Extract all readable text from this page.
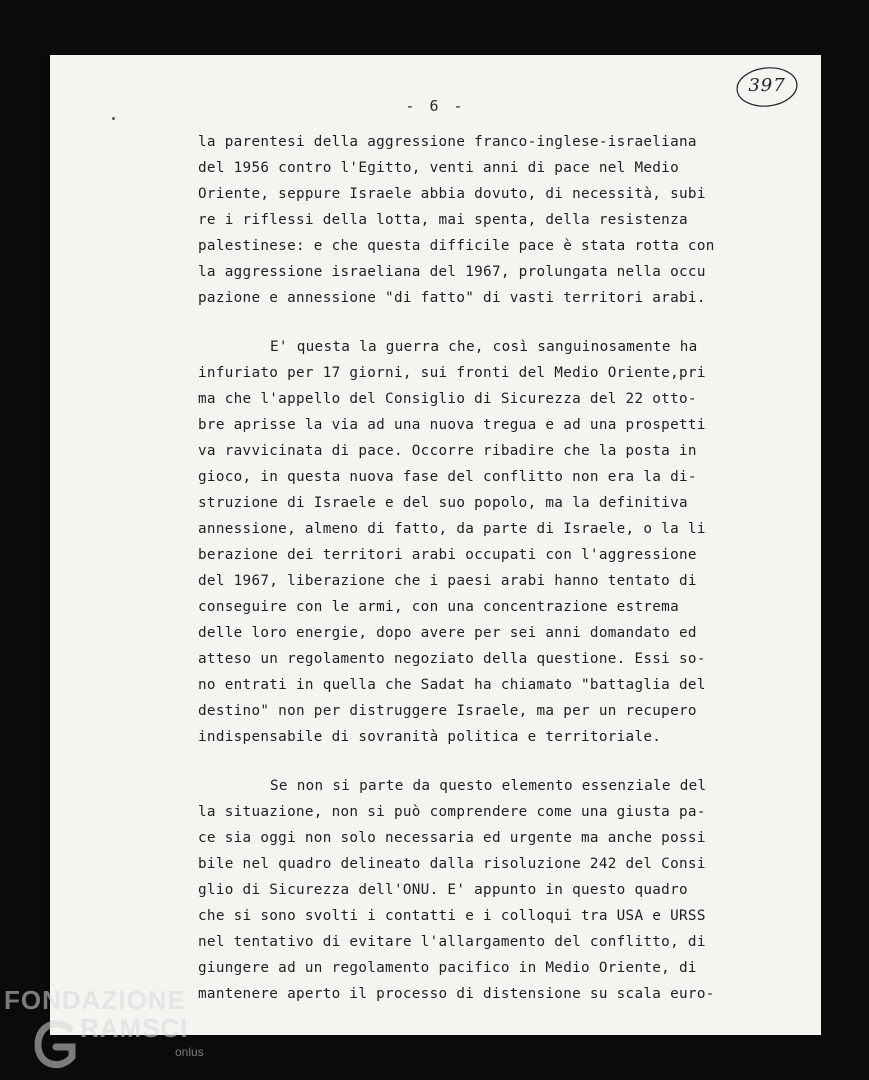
- 6 -
397
la parentesi della aggressione franco-inglese-israeliana
del 1956 contro l'Egitto, venti anni di pace nel Medio
Oriente, seppure Israele abbia dovuto, di necessità, subi
re i riflessi della lotta, mai spenta, della resistenza
palestinese: e che questa difficile pace è stata rotta con
la aggressione israeliana del 1967, prolungata nella occu
pazione e annessione "di fatto" di vasti territori arabi.
E' questa la guerra che, così sanguinosamente ha
infuriato per 17 giorni, sui fronti del Medio Oriente,pri
ma che l'appello del Consiglio di Sicurezza del 22 otto-
bre aprisse la via ad una nuova tregua e ad una prospetti
va ravvicinata di pace. Occorre ribadire che la posta in
gioco, in questa nuova fase del conflitto non era la di-
struzione di Israele e del suo popolo, ma la definitiva
annessione, almeno di fatto, da parte di Israele, o la li
berazione dei territori arabi occupati con l'aggressione
del 1967, liberazione che i paesi arabi hanno tentato di
conseguire con le armi, con una concentrazione estrema
delle loro energie, dopo avere per sei anni domandato ed
atteso un regolamento negoziato della questione. Essi so-
no entrati in quella che Sadat ha chiamato "battaglia del
destino" non per distruggere Israele, ma per un recupero
indispensabile di sovranità politica e territoriale.
Se non si parte da questo elemento essenziale del
la situazione, non si può comprendere come una giusta pa-
ce sia oggi non solo necessaria ed urgente ma anche possi
bile nel quadro delineato dalla risoluzione 242 del Consi
glio di Sicurezza dell'ONU. E' appunto in questo quadro
che si sono svolti i contatti e i colloqui tra USA e URSS
nel tentativo di evitare l'allargamento del conflitto, di
giungere ad un regolamento pacifico in Medio Oriente, di
mantenere aperto il processo di distensione su scala euro-
FONDAZIONE
RAMSCI
onlus
